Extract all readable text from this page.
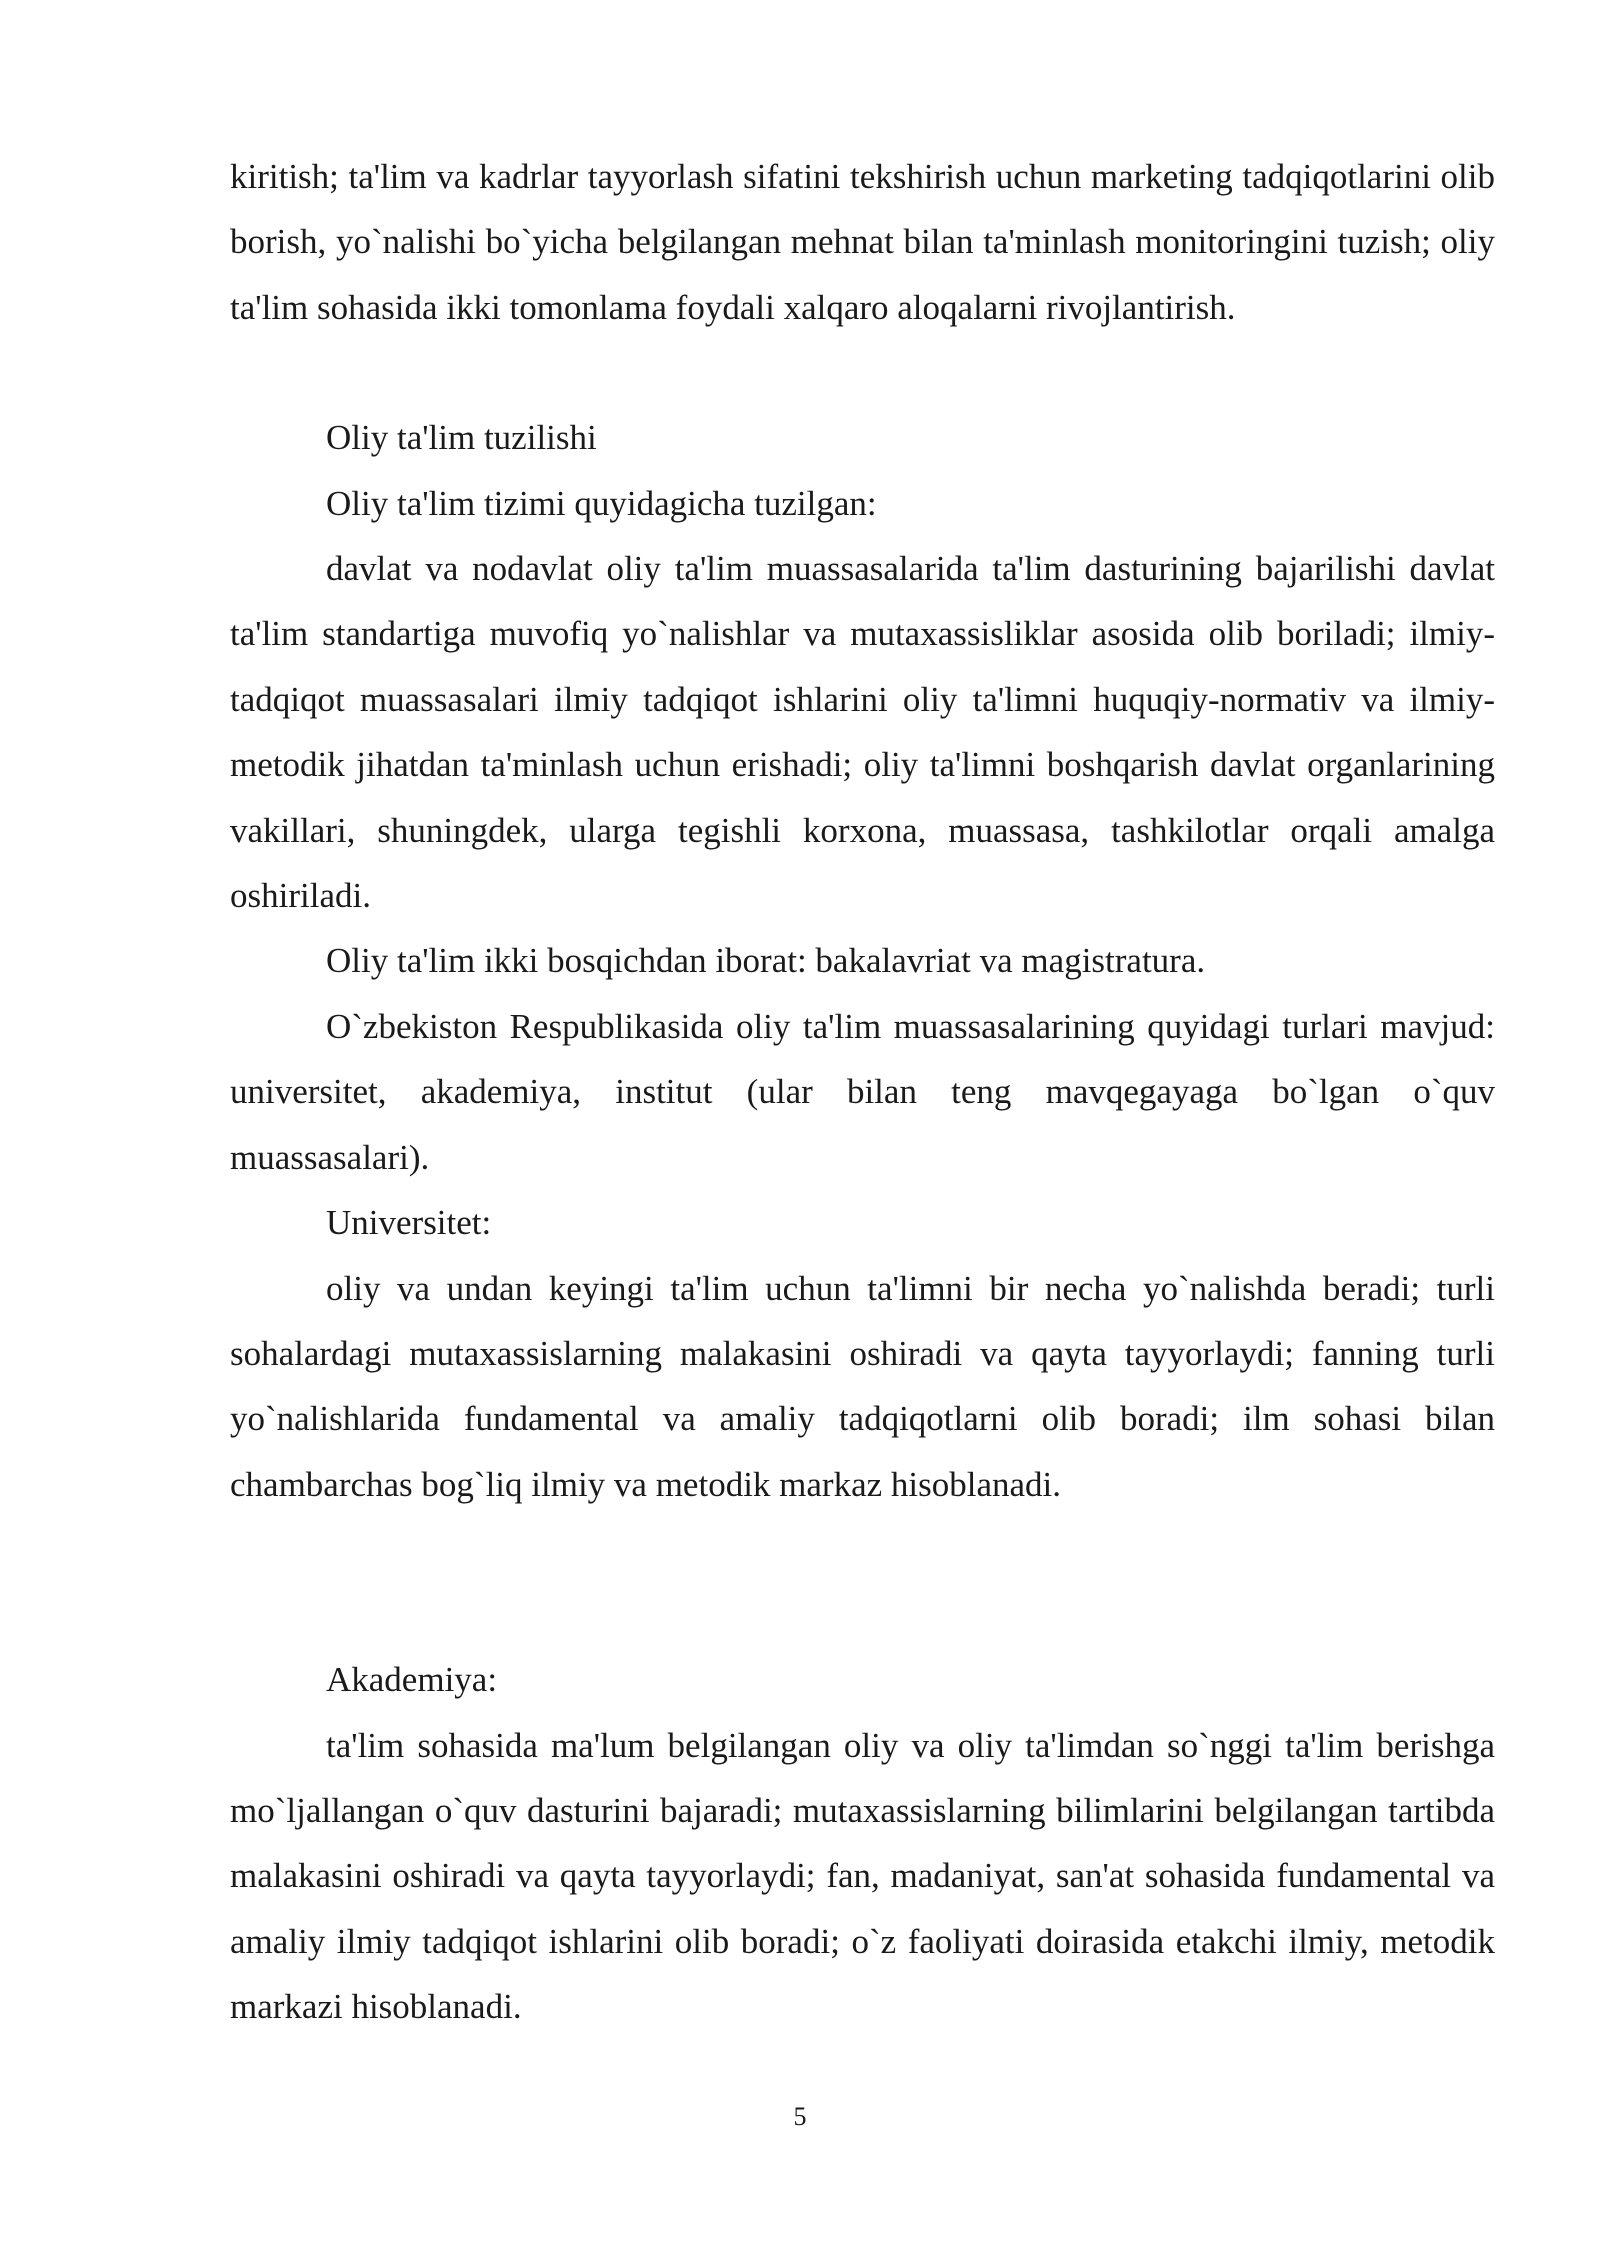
kiritish; ta'lim va kadrlar tayyorlash sifatini tekshirish uchun marketing tadqiqotlarini olib borish, yo`nalishi bo`yicha belgilangan mehnat bilan ta'minlash monitoringini tuzish; oliy ta'lim sohasida ikki tomonlama foydali xalqaro aloqalarni rivojlantirish.

Oliy ta'lim tuzilishi

Oliy ta'lim tizimi quyidagicha tuzilgan:

davlat va nodavlat oliy ta'lim muassasalarida ta'lim dasturining bajarilishi davlat ta'lim standartiga muvofiq yo`nalishlar va mutaxassisliklar asosida olib boriladi; ilmiy-tadqiqot muassasalari ilmiy tadqiqot ishlarini oliy ta'limni huquqiy-normativ va ilmiy-metodik jihatdan ta'minlash uchun erishadi; oliy ta'limni boshqarish davlat organlarining vakillari, shuningdek, ularga tegishli korxona, muassasa, tashkilotlar orqali amalga oshiriladi.

Oliy ta'lim ikki bosqichdan iborat: bakalavriat va magistratura.

O`zbekiston Respublikasida oliy ta'lim muassasalarining quyidagi turlari mavjud: universitet, akademiya, institut (ular bilan teng mavqegayaga bo`lgan o`quv muassasalari).

Universitet:

oliy va undan keyingi ta'lim uchun ta'limni bir necha yo`nalishda beradi; turli sohalardagi mutaxassislarning malakasini oshiradi va qayta tayyorlaydi; fanning turli yo`nalishlarida fundamental va amaliy tadqiqotlarni olib boradi; ilm sohasi bilan chambarchas bog`liq ilmiy va metodik markaz hisoblanadi.

Akademiya:

ta'lim sohasida ma'lum belgilangan oliy va oliy ta'limdan so`nggi ta'lim berishga mo`ljallangan o`quv dasturini bajaradi; mutaxassislarning bilimlarini belgilangan tartibda malakasini oshiradi va qayta tayyorlaydi; fan, madaniyat, san'at sohasida fundamental va amaliy ilmiy tadqiqot ishlarini olib boradi; o`z faoliyati doirasida etakchi ilmiy, metodik markazi hisoblanadi.

5
